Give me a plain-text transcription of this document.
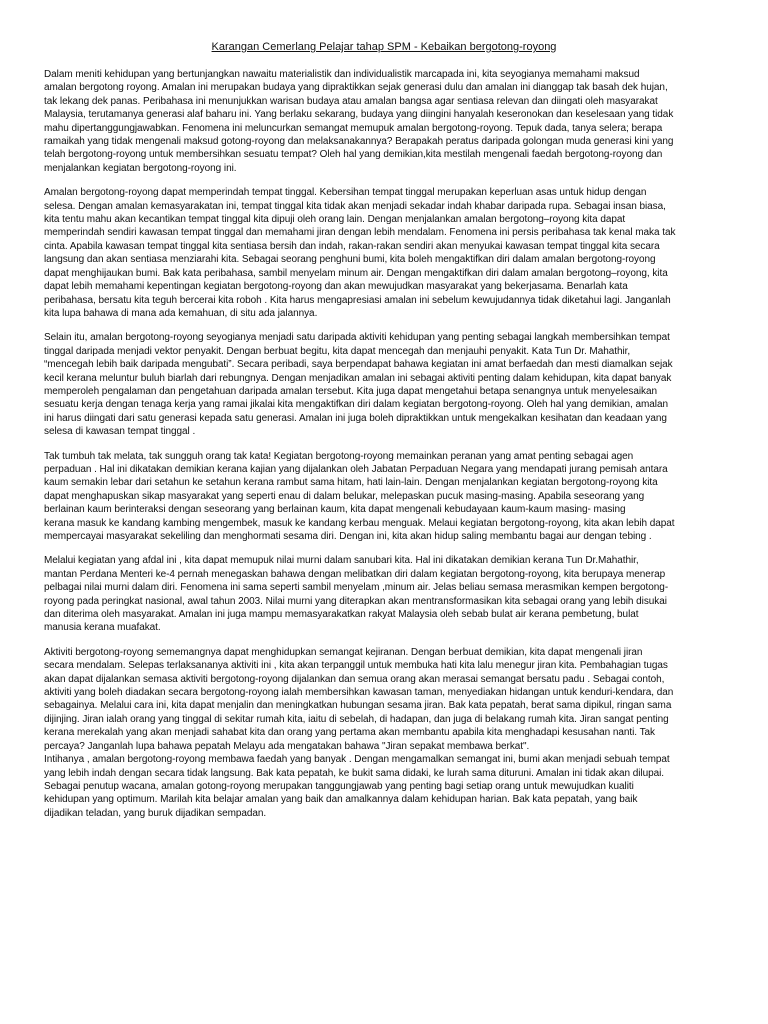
Karangan Cemerlang Pelajar tahap SPM - Kebaikan bergotong-royong
Dalam meniti kehidupan yang bertunjangkan nawaitu materialistik dan individualistik marcapada ini, kita seyogianya memahami maksud
amalan bergotong royong. Amalan ini merupakan budaya yang dipraktikkan sejak generasi dulu dan amalan ini dianggap tak basah dek hujan,
tak lekang dek panas. Peribahasa ini menunjukkan warisan budaya atau amalan bangsa agar sentiasa relevan dan diingati oleh masyarakat
Malaysia, terutamanya generasi alaf baharu ini. Yang berlaku sekarang, budaya yang diingini hanyalah keseronokan dan keselesaan yang tidak
mahu dipertanggungjawabkan. Fenomena ini meluncurkan semangat memupuk amalan bergotong-royong. Tepuk dada, tanya selera; berapa
ramaikah yang tidak mengenali maksud gotong-royong dan melaksanakannya? Berapakah peratus daripada golongan muda generasi kini yang
telah bergotong-royong untuk membersihkan sesuatu tempat? Oleh hal yang demikian,kita mestilah mengenali faedah bergotong-royong dan
menjalankan kegiatan bergotong-royong ini.
Amalan bergotong-royong dapat memperindah tempat tinggal. Kebersihan tempat tinggal merupakan keperluan asas untuk hidup dengan
selesa. Dengan amalan kemasyarakatan ini, tempat tinggal kita tidak akan menjadi sekadar indah khabar daripada rupa. Sebagai insan biasa,
kita tentu mahu akan kecantikan tempat tinggal kita dipuji oleh orang lain. Dengan menjalankan amalan bergotong–royong kita dapat
memperindah sendiri kawasan tempat tinggal dan memahami jiran dengan lebih mendalam. Fenomena ini persis peribahasa tak kenal maka tak
cinta. Apabila kawasan tempat tinggal kita sentiasa bersih dan indah, rakan-rakan sendiri akan menyukai kawasan tempat tinggal kita secara
langsung dan akan sentiasa menziarahi kita. Sebagai seorang penghuni bumi, kita boleh mengaktifkan diri dalam amalan bergotong-royong
dapat menghijaukan bumi. Bak kata peribahasa, sambil menyelam minum air. Dengan mengaktifkan diri dalam amalan bergotong–royong, kita
dapat lebih memahami kepentingan kegiatan bergotong-royong dan akan mewujudkan masyarakat yang bekerjasama. Benarlah kata
peribahasa, bersatu kita teguh bercerai kita roboh . Kita harus mengapresiasi amalan ini sebelum kewujudannya tidak diketahui lagi. Janganlah
kita lupa bahawa di mana ada kemahuan, di situ ada jalannya.
Selain itu, amalan bergotong-royong seyogianya menjadi satu daripada aktiviti kehidupan yang penting sebagai langkah membersihkan tempat
tinggal daripada menjadi vektor penyakit. Dengan berbuat begitu, kita dapat mencegah dan menjauhi penyakit. Kata Tun Dr. Mahathir,
“mencegah lebih baik daripada mengubati”. Secara peribadi, saya berpendapat bahawa kegiatan ini amat berfaedah dan mesti diamalkan sejak
kecil kerana meluntur buluh biarlah dari rebungnya. Dengan menjadikan amalan ini sebagai aktiviti penting dalam kehidupan, kita dapat banyak
memperoleh pengalaman dan pengetahuan daripada amalan tersebut. Kita juga dapat mengetahui betapa senangnya untuk menyelesaikan
sesuatu kerja dengan tenaga kerja yang ramai jikalai kita mengaktifkan diri dalam kegiatan bergotong-royong. Oleh hal yang demikian, amalan
ini harus diingati dari satu generasi kepada satu generasi. Amalan ini juga boleh dipraktikkan untuk mengekalkan kesihatan dan keadaan yang
selesa di kawasan tempat tinggal .
Tak tumbuh tak melata, tak sungguh orang tak kata! Kegiatan bergotong-royong memainkan peranan yang amat penting sebagai agen
perpaduan . Hal ini dikatakan demikian kerana kajian yang dijalankan oleh Jabatan Perpaduan Negara yang mendapati jurang pemisah antara
kaum semakin lebar dari setahun ke setahun kerana rambut sama hitam, hati lain-lain. Dengan menjalankan kegiatan bergotong-royong kita
dapat menghapuskan sikap masyarakat yang seperti enau di dalam belukar, melepaskan pucuk masing-masing. Apabila seseorang yang
berlainan kaum berinteraksi dengan seseorang yang berlainan kaum, kita dapat mengenali kebudayaan kaum-kaum masing- masing
kerana masuk ke kandang kambing mengembek, masuk ke kandang kerbau menguak. Melaui kegiatan bergotong-royong, kita akan lebih dapat
mempercayai masyarakat sekeliling dan menghormati sesama diri. Dengan ini, kita akan hidup saling membantu bagai aur dengan tebing .
Melalui kegiatan yang afdal ini , kita dapat memupuk nilai murni dalam sanubari kita. Hal ini dikatakan demikian kerana Tun Dr.Mahathir,
mantan Perdana Menteri ke-4 pernah menegaskan bahawa dengan melibatkan diri dalam kegiatan bergotong-royong, kita berupaya menerap
pelbagai nilai murni dalam diri. Fenomena ini sama seperti sambil menyelam ,minum air. Jelas beliau semasa merasmikan kempen bergotong-
royong pada peringkat nasional, awal tahun 2003. Nilai murni yang diterapkan akan mentransformasikan kita sebagai orang yang lebih disukai
dan diterima oleh masyarakat. Amalan ini juga mampu memasyarakatkan rakyat Malaysia oleh sebab bulat air kerana pembetung, bulat
manusia kerana muafakat.
Aktiviti bergotong-royong sememangnya dapat menghidupkan semangat kejiranan. Dengan berbuat demikian, kita dapat mengenali jiran
secara mendalam. Selepas terlaksananya aktiviti ini , kita akan terpanggil untuk membuka hati kita lalu menegur jiran kita. Pembahagian tugas
akan dapat dijalankan semasa aktiviti bergotong-royong dijalankan dan semua orang akan merasai semangat bersatu padu . Sebagai contoh,
aktiviti yang boleh diadakan secara bergotong-royong ialah membersihkan kawasan taman, menyediakan hidangan untuk kenduri-kendara, dan
sebagainya. Melalui cara ini, kita dapat menjalin dan meningkatkan hubungan sesama jiran. Bak kata pepatah, berat sama dipikul, ringan sama
dijinjing. Jiran ialah orang yang tinggal di sekitar rumah kita, iaitu di sebelah, di hadapan, dan juga di belakang rumah kita. Jiran sangat penting
kerana merekalah yang akan menjadi sahabat kita dan orang yang pertama akan membantu apabila kita menghadapi kesusahan nanti. Tak
percaya? Janganlah lupa bahawa pepatah Melayu ada mengatakan bahawa "Jiran sepakat membawa berkat".
Intihanya , amalan bergotong-royong membawa faedah yang banyak . Dengan mengamalkan semangat ini, bumi akan menjadi sebuah tempat
yang lebih indah dengan secara tidak langsung. Bak kata pepatah, ke bukit sama didaki, ke lurah sama dituruni. Amalan ini tidak akan dilupai.
Sebagai penutup wacana, amalan gotong-royong merupakan tanggungjawab yang penting bagi setiap orang untuk mewujudkan kualiti
kehidupan yang optimum. Marilah kita belajar amalan yang baik dan amalkannya dalam kehidupan harian. Bak kata pepatah, yang baik
dijadikan teladan, yang buruk dijadikan sempadan.
